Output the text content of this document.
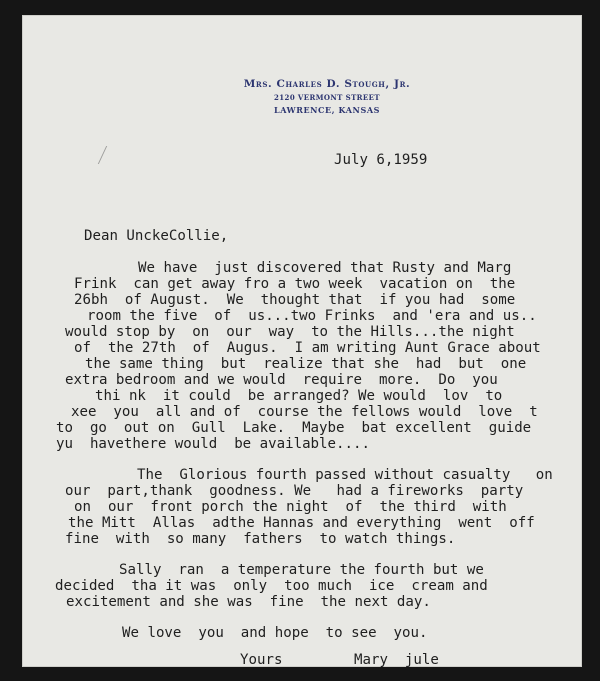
Mrs. Charles D. Stough, Jr.
2120 VERMONT STREET
LAWRENCE, KANSAS
July 6,1959
Dean UnckeCollie,
We have  just discovered that Rusty and Marg
Frink  can get away fro a two week  vacation on  the
26bh  of August.  We  thought that  if you had  some
room the five  of  us...two Frinks  and 'era and us..
would stop by  on  our  way  to the Hills...the night
of  the 27th  of  Augus.  I am writing Aunt Grace about
the same thing  but  realize that she  had  but  one
extra bedroom and we would  require  more.  Do  you
thi nk  it could  be arranged? We would  lov  to
xee  you  all and of  course the fellows would  love  t
to  go  out on  Gull  Lake.  Maybe  bat excellent  guide
yu  havethere would  be available....
The  Glorious fourth passed without casualty   on
our  part,thank  goodness. We   had a fireworks  party
on  our  front porch the night  of  the third  with
the Mitt  Allas  adthe Hannas and everything  went  off
fine  with  so many  fathers  to watch things.
Sally  ran  a temperature the fourth but we
decided  tha it was  only  too much  ice  cream and
excitement and she was  fine  the next day.
We love  you  and hope  to see  you.
Yours	Mary  jule
